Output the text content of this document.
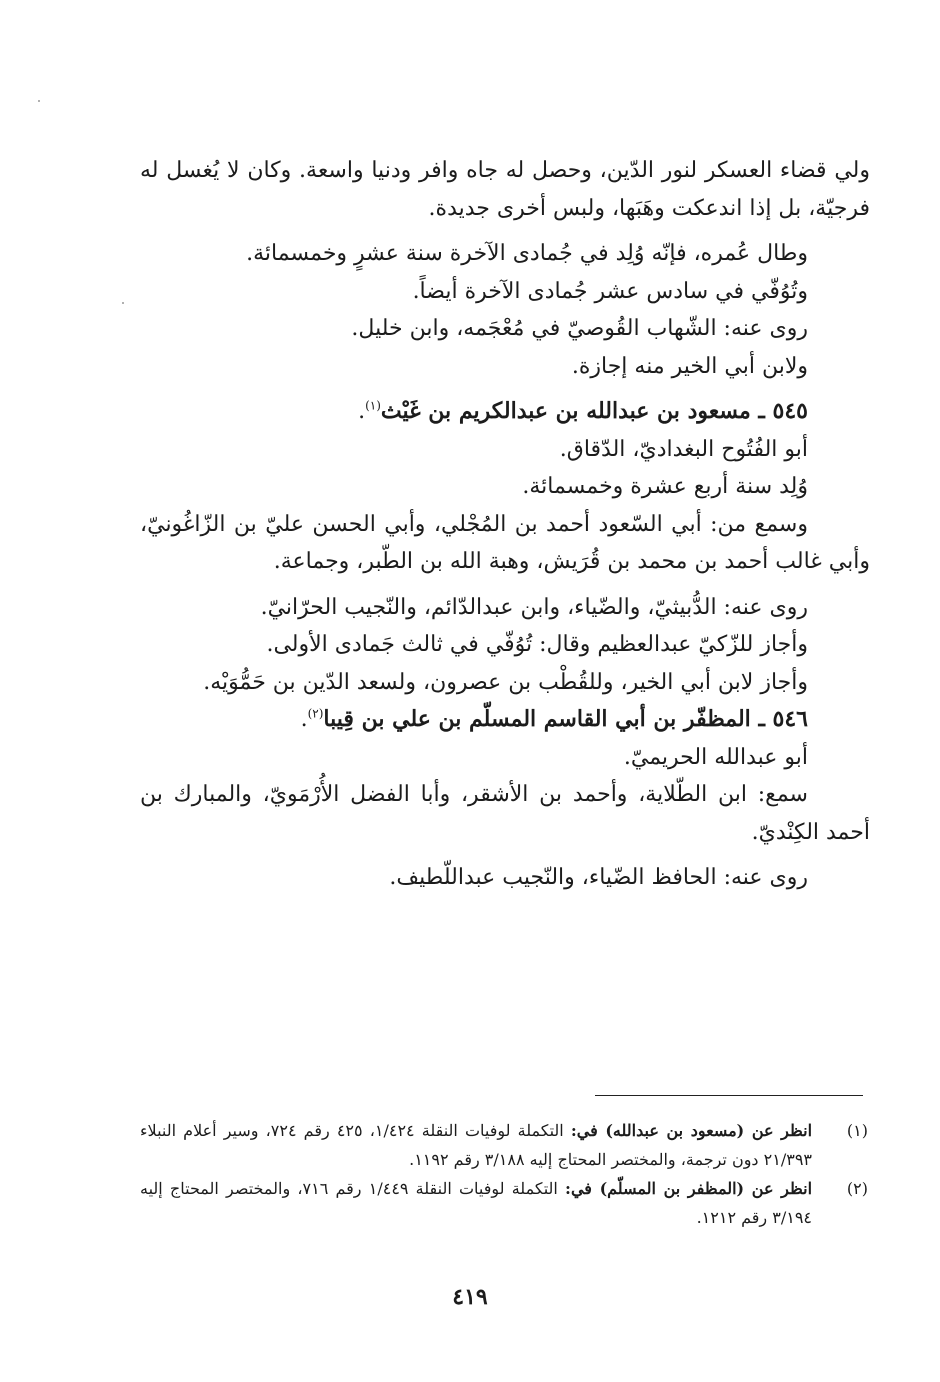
ولي قضاء العسكر لنور الدّين، وحصل له جاه وافر ودنيا واسعة. وكان لا يُغسل له فرجيّة، بل إذا اندعكت وهَبَها، ولبس أخرى جديدة.

وطال عُمره، فإنّه وُلِد في جُمادى الآخرة سنة عشرٍ وخمسمائة.

وتُوُفّي في سادس عشر جُمادى الآخرة أيضاً.

روى عنه: الشّهاب القُوصيّ في مُعْجَمه، وابن خليل.

ولابن أبي الخير منه إجازة.

٥٤٥ ـ مسعود بن عبدالله بن عبدالكريم بن غَيْث$^{(١)}$.

أبو الفُتُوح البغداديّ، الدّقاق.

وُلِد سنة أربع عشرة وخمسمائة.

وسمع من: أبي السّعود أحمد بن المُجْلي، وأبي الحسن عليّ بن الزّاغُونيّ، وأبي غالب أحمد بن محمد بن قُرَيش، وهبة الله بن الطّبر، وجماعة.

روى عنه: الدُّبيثيّ، والضّياء، وابن عبدالدّائم، والنّجيب الحرّانيّ.

وأجاز للزّكيّ عبدالعظيم وقال: تُوُفّي في ثالث جَمادى الأولى.

وأجاز لابن أبي الخير، وللقُطْب بن عصرون، ولسعد الدّين بن حَمُّوَيْه.

٥٤٦ ـ المظفّر بن أبي القاسم المسلّم بن علي بن قِيبا$^{(٢)}$.

أبو عبدالله الحريميّ.

سمع: ابن الطّلاية، وأحمد بن الأشقر، وأبا الفضل الأُرْمَويّ، والمبارك بن أحمد الكِنْديّ.

روى عنه: الحافظ الضّياء، والنّجيب عبداللّطيف.

(١)
انظر عن (مسعود بن عبدالله) في: التكملة لوفيات النقلة ١/٤٢٤، ٤٢٥ رقم ٧٢٤، وسير أعلام النبلاء ٢١/٣٩٣ دون ترجمة، والمختصر المحتاج إليه ٣/١٨٨ رقم ١١٩٢.
(٢)
انظر عن (المظفر بن المسلّم) في: التكملة لوفيات النقلة ١/٤٤٩ رقم ٧١٦، والمختصر المحتاج إليه ٣/١٩٤ رقم ١٢١٢.
٤١٩
